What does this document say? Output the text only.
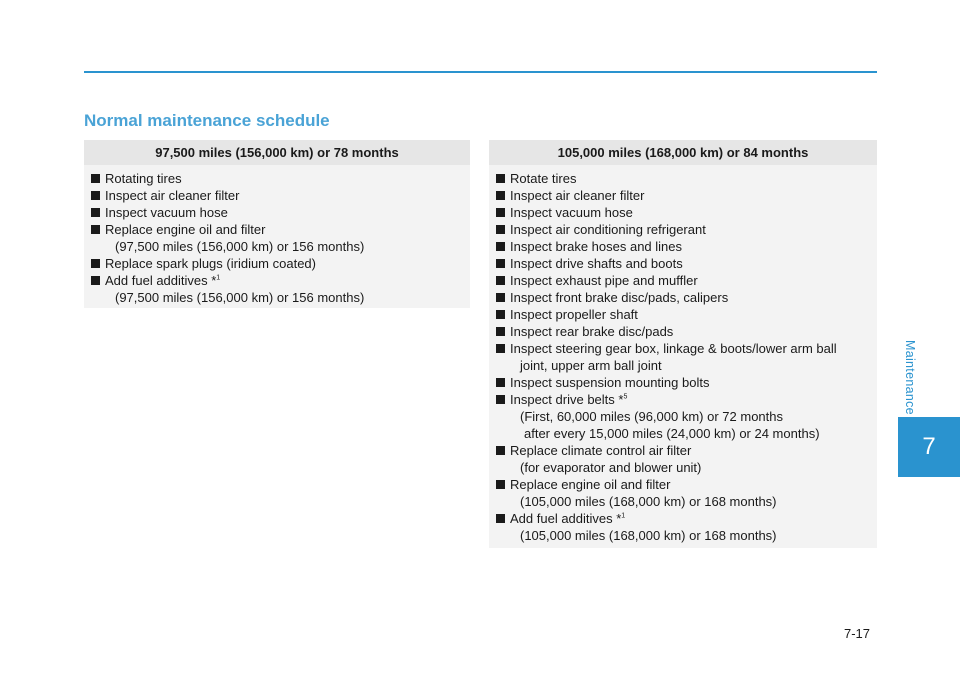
Normal maintenance schedule
97,500 miles (156,000 km) or 78 months
Rotating tires
Inspect air cleaner filter
Inspect vacuum hose
Replace engine oil and filter
(97,500 miles (156,000 km) or 156 months)
Replace spark plugs (iridium coated)
Add fuel additives *$^1$
(97,500 miles (156,000 km) or 156 months)
105,000 miles (168,000 km) or 84 months
Rotate tires
Inspect air cleaner filter
Inspect vacuum hose
Inspect air conditioning refrigerant
Inspect brake hoses and lines
Inspect drive shafts and boots
Inspect exhaust pipe and muffler
Inspect front brake disc/pads, calipers
Inspect propeller shaft
Inspect rear brake disc/pads
Inspect steering gear box, linkage & boots/lower arm ball
joint, upper arm ball joint
Inspect suspension mounting bolts
Inspect drive belts *$^5$
(First, 60,000 miles (96,000 km) or 72 months
after every 15,000 miles (24,000 km) or 24 months)
Replace climate control air filter
(for evaporator and blower unit)
Replace engine oil and filter
(105,000 miles (168,000 km) or 168 months)
Add fuel additives *$^1$
(105,000 miles (168,000 km) or 168 months)
Maintenance
7
7-17
